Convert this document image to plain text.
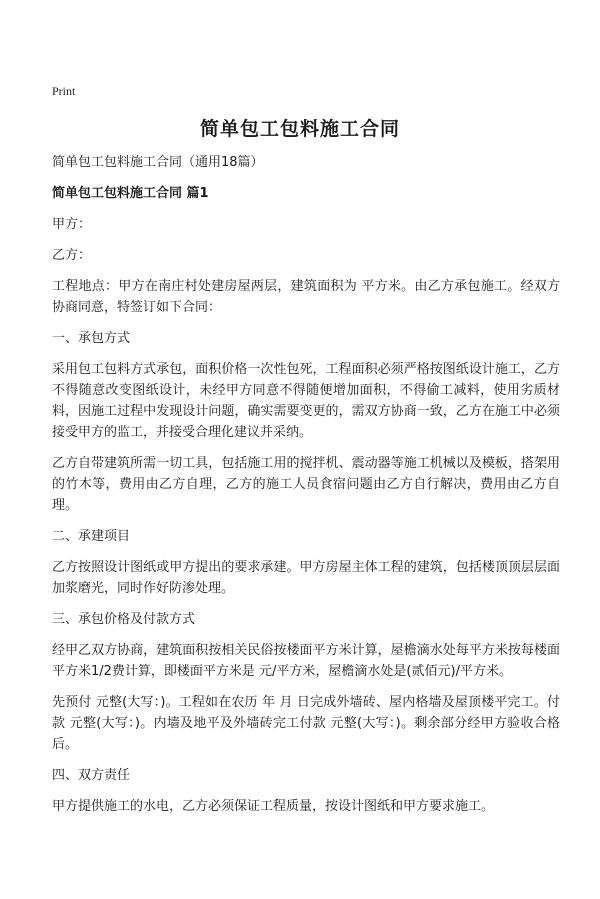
Print
简单包工包料施工合同

简单包工包料施工合同（通用18篇）

简单包工包料施工合同 篇1

甲方：

乙方：

工程地点：甲方在南庄村处建房屋两层，建筑面积为 平方米。由乙方承包施工。经双方协商同意，特签订如下合同：

一、承包方式

采用包工包料方式承包，面积价格一次性包死，工程面积必须严格按图纸设计施工，乙方不得随意改变图纸设计，未经甲方同意不得随便增加面积，不得偷工减料，使用劣质材料，因施工过程中发现设计问题，确实需要变更的，需双方协商一致，乙方在施工中必须接受甲方的监工，并接受合理化建议并采纳。

乙方自带建筑所需一切工具，包括施工用的搅拌机、震动器等施工机械以及模板，搭架用的竹木等，费用由乙方自理，乙方的施工人员食宿问题由乙方自行解决，费用由乙方自理。

二、承建项目

乙方按照设计图纸或甲方提出的要求承建。甲方房屋主体工程的建筑，包括楼顶顶层层面加浆磨光，同时作好防渗处理。

三、承包价格及付款方式

经甲乙双方协商，建筑面积按相关民俗按楼面平方米计算，屋檐滴水处每平方米按每楼面平方米1/2费计算，即楼面平方米是 元/平方米，屋檐滴水处是(贰佰元)/平方米。

先预付 元整(大写：)。工程如在农历 年 月 日完成外墙砖、屋内格墙及屋顶楼平完工。付款 元整(大写：)。内墙及地平及外墙砖完工付款 元整(大写：)。剩余部分经甲方验收合格后。

四、双方责任

甲方提供施工的水电，乙方必须保证工程质量，按设计图纸和甲方要求施工。
